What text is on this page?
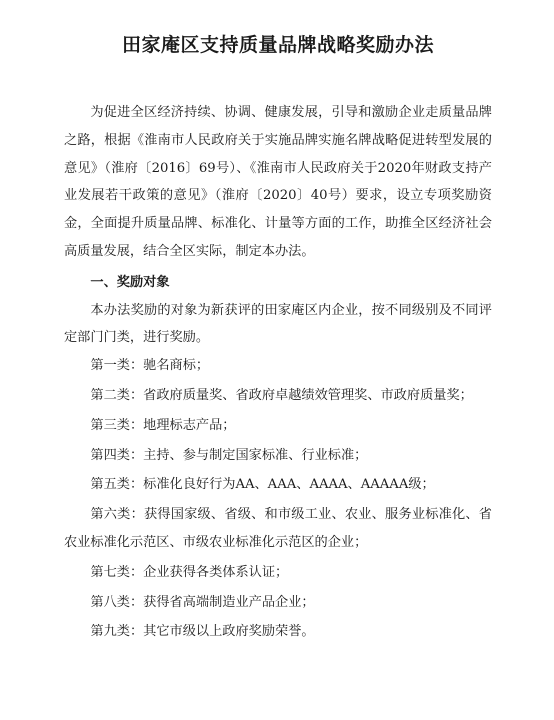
田家庵区支持质量品牌战略奖励办法

为促进全区经济持续、协调、健康发展，引导和激励企业走质量品牌之路，根据《淮南市人民政府关于实施品牌实施名牌战略促进转型发展的意见》（淮府〔2016〕69号）、《淮南市人民政府关于2020年财政支持产业发展若干政策的意见》（淮府〔2020〕40号）要求，设立专项奖励资金，全面提升质量品牌、标准化、计量等方面的工作，助推全区经济社会高质量发展，结合全区实际，制定本办法。

一、奖励对象

本办法奖励的对象为新获评的田家庵区内企业，按不同级别及不同评定部门门类，进行奖励。

第一类：驰名商标；

第二类：省政府质量奖、省政府卓越绩效管理奖、市政府质量奖；

第三类：地理标志产品；

第四类：主持、参与制定国家标准、行业标准；

第五类：标准化良好行为AA、AAA、AAAA、AAAAA级；

第六类：获得国家级、省级、和市级工业、农业、服务业标准化、省农业标准化示范区、市级农业标准化示范区的企业；

第七类：企业获得各类体系认证；

第八类：获得省高端制造业产品企业；

第九类：其它市级以上政府奖励荣誉。
